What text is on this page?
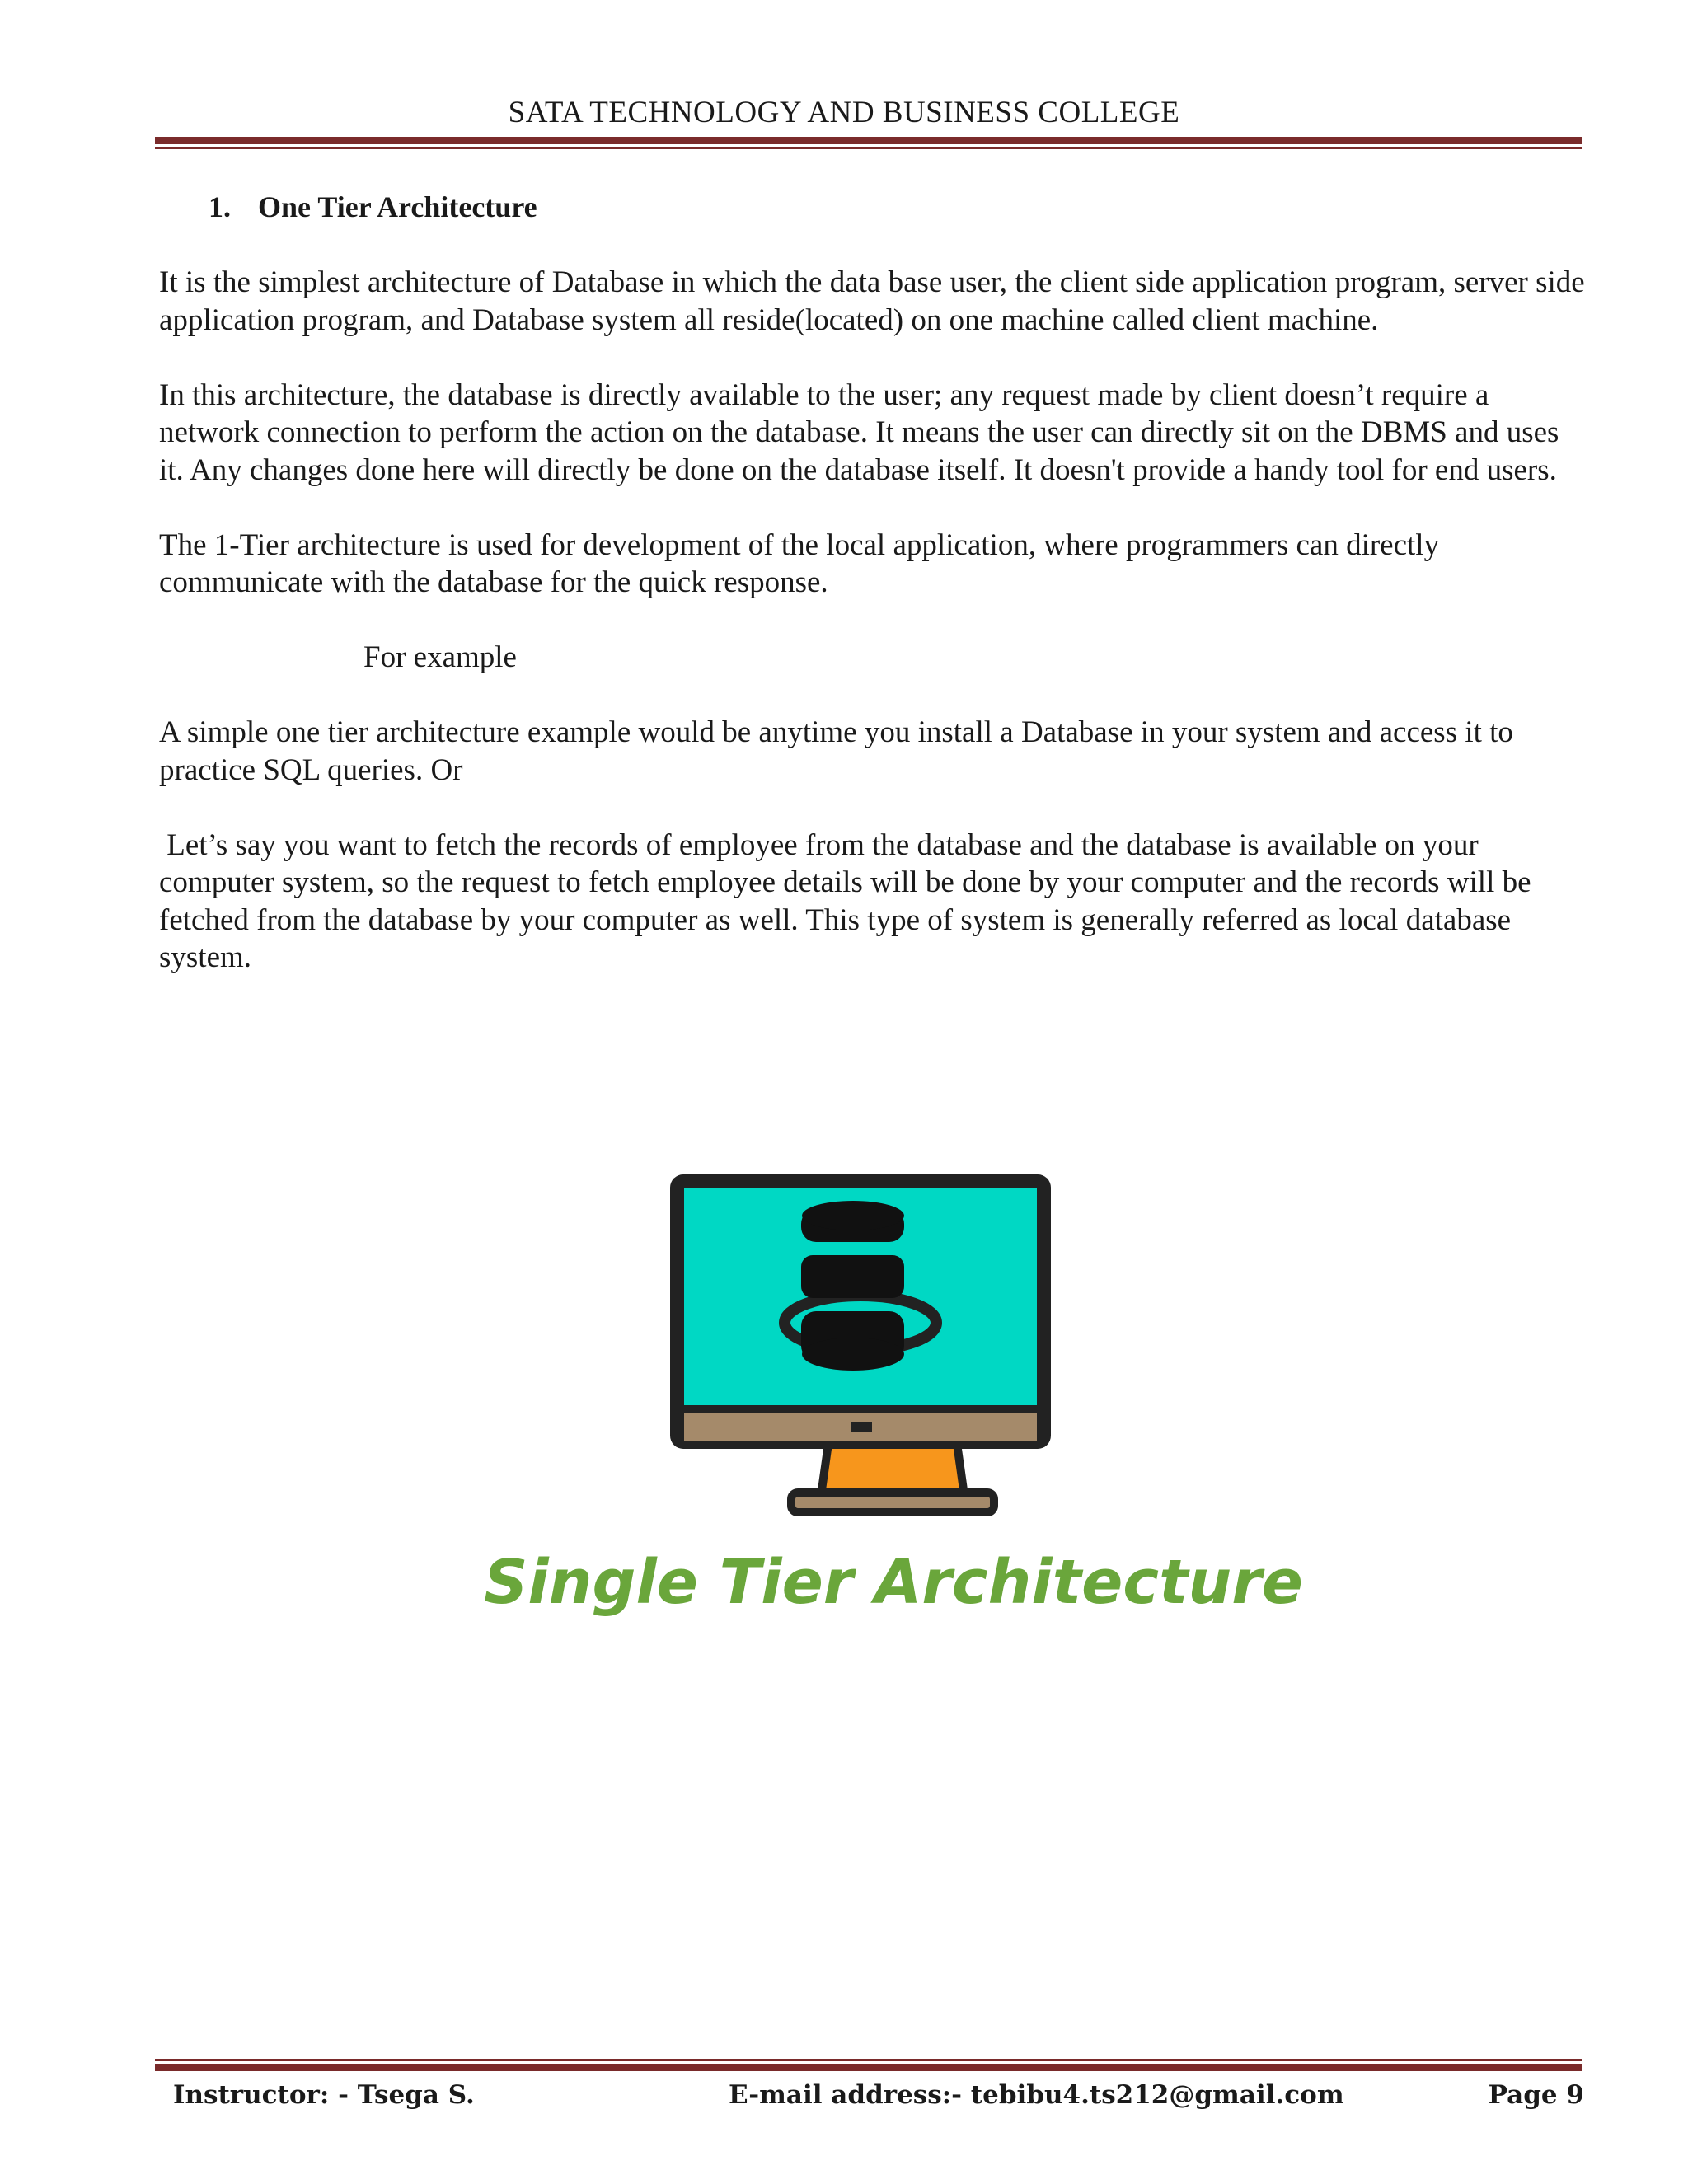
SATA TECHNOLOGY AND BUSINESS COLLEGE
1. One Tier Architecture

It is the simplest architecture of Database in which the data base user, the client side application program, server side application program, and Database system all reside(located) on one machine called client machine.

In this architecture, the database is directly available to the user; any request made by client doesn’t require a network connection to perform the action on the database. It means the user can directly sit on the DBMS and uses it. Any changes done here will directly be done on the database itself. It doesn't provide a handy tool for end users.

The 1-Tier architecture is used for development of the local application, where programmers can directly communicate with the database for the quick response.

For example

A simple one tier architecture example would be anytime you install a Database in your system and access it to practice SQL queries. Or

Let’s say you want to fetch the records of employee from the database and the database is available on your computer system, so the request to fetch employee details will be done by your computer and the records will be fetched from the database by your computer as well. This type of system is generally referred as local database system.

Single Tier Architecture
Instructor: - Tsega S.	E-mail address:- tebibu4.ts212@gmail.com	Page 9
